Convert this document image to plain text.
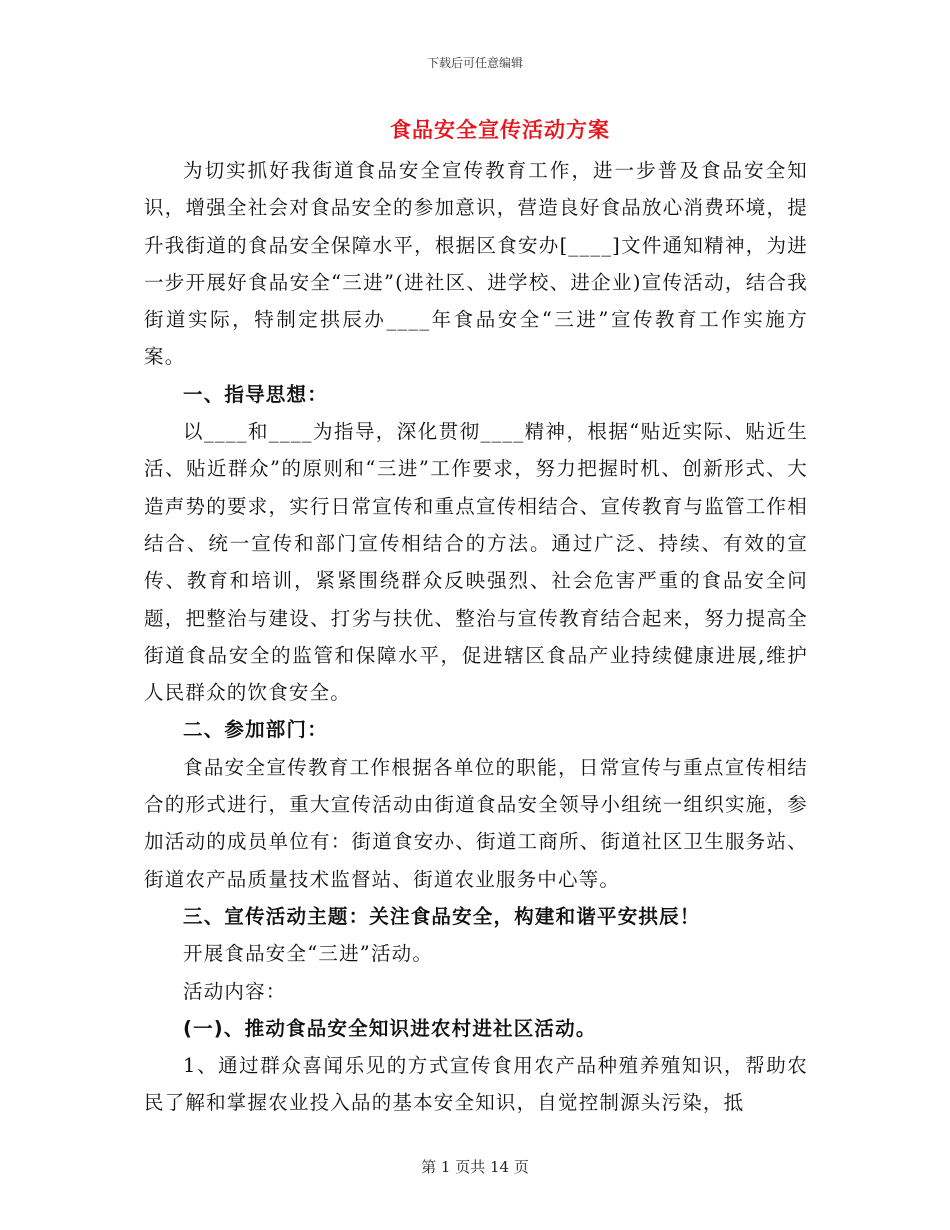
下载后可任意编辑
食品安全宣传活动方案

为切实抓好我街道食品安全宣传教育工作，进一步普及食品安全知识，增强全社会对食品安全的参加意识，营造良好食品放心消费环境，提升我街道的食品安全保障水平，根据区食安办[____]文件通知精神，为进一步开展好食品安全“三进”(进社区、进学校、进企业)宣传活动，结合我街道实际，特制定拱辰办____年食品安全“三进”宣传教育工作实施方案。

一、指导思想：

以____和____为指导，深化贯彻____精神，根据“贴近实际、贴近生活、贴近群众”的原则和“三进”工作要求，努力把握时机、创新形式、大造声势的要求，实行日常宣传和重点宣传相结合、宣传教育与监管工作相结合、统一宣传和部门宣传相结合的方法。通过广泛、持续、有效的宣传、教育和培训，紧紧围绕群众反映强烈、社会危害严重的食品安全问题，把整治与建设、打劣与扶优、整治与宣传教育结合起来，努力提高全街道食品安全的监管和保障水平，促进辖区食品产业持续健康进展,维护人民群众的饮食安全。

二、参加部门：

食品安全宣传教育工作根据各单位的职能，日常宣传与重点宣传相结合的形式进行，重大宣传活动由街道食品安全领导小组统一组织实施，参加活动的成员单位有：街道食安办、街道工商所、街道社区卫生服务站、街道农产品质量技术监督站、街道农业服务中心等。

三、宣传活动主题：关注食品安全，构建和谐平安拱辰！

开展食品安全“三进”活动。

活动内容：

(一)、推动食品安全知识进农村进社区活动。

1、通过群众喜闻乐见的方式宣传食用农产品种殖养殖知识，帮助农民了解和掌握农业投入品的基本安全知识，自觉控制源头污染，抵

第 1 页共 14 页
